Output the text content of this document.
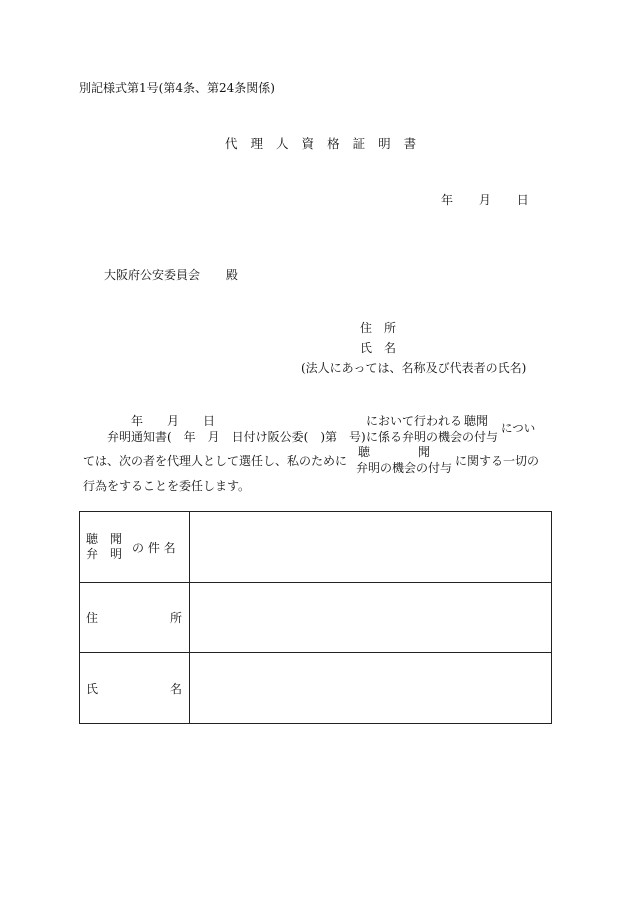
別記様式第1号(第4条、第24条関係)
代 理 人 資 格 証 明 書
年 月 日
大阪府公安委員会 殿
住　所
氏　名
(法人にあっては、名称及び代表者の氏名)
年 月 日	において行われる 聴聞 につい
弁明通知書(　年　月　日付け阪公委(　)第　号) に係る弁明の機会の付与
ては、次の者を代理人として選任し、私のために
聴　　　　聞
弁明の機会の付与 に関する一切の
行為をすることを委任します。
聴　聞
弁　明 の 件 名	

住 所	

氏 名	
